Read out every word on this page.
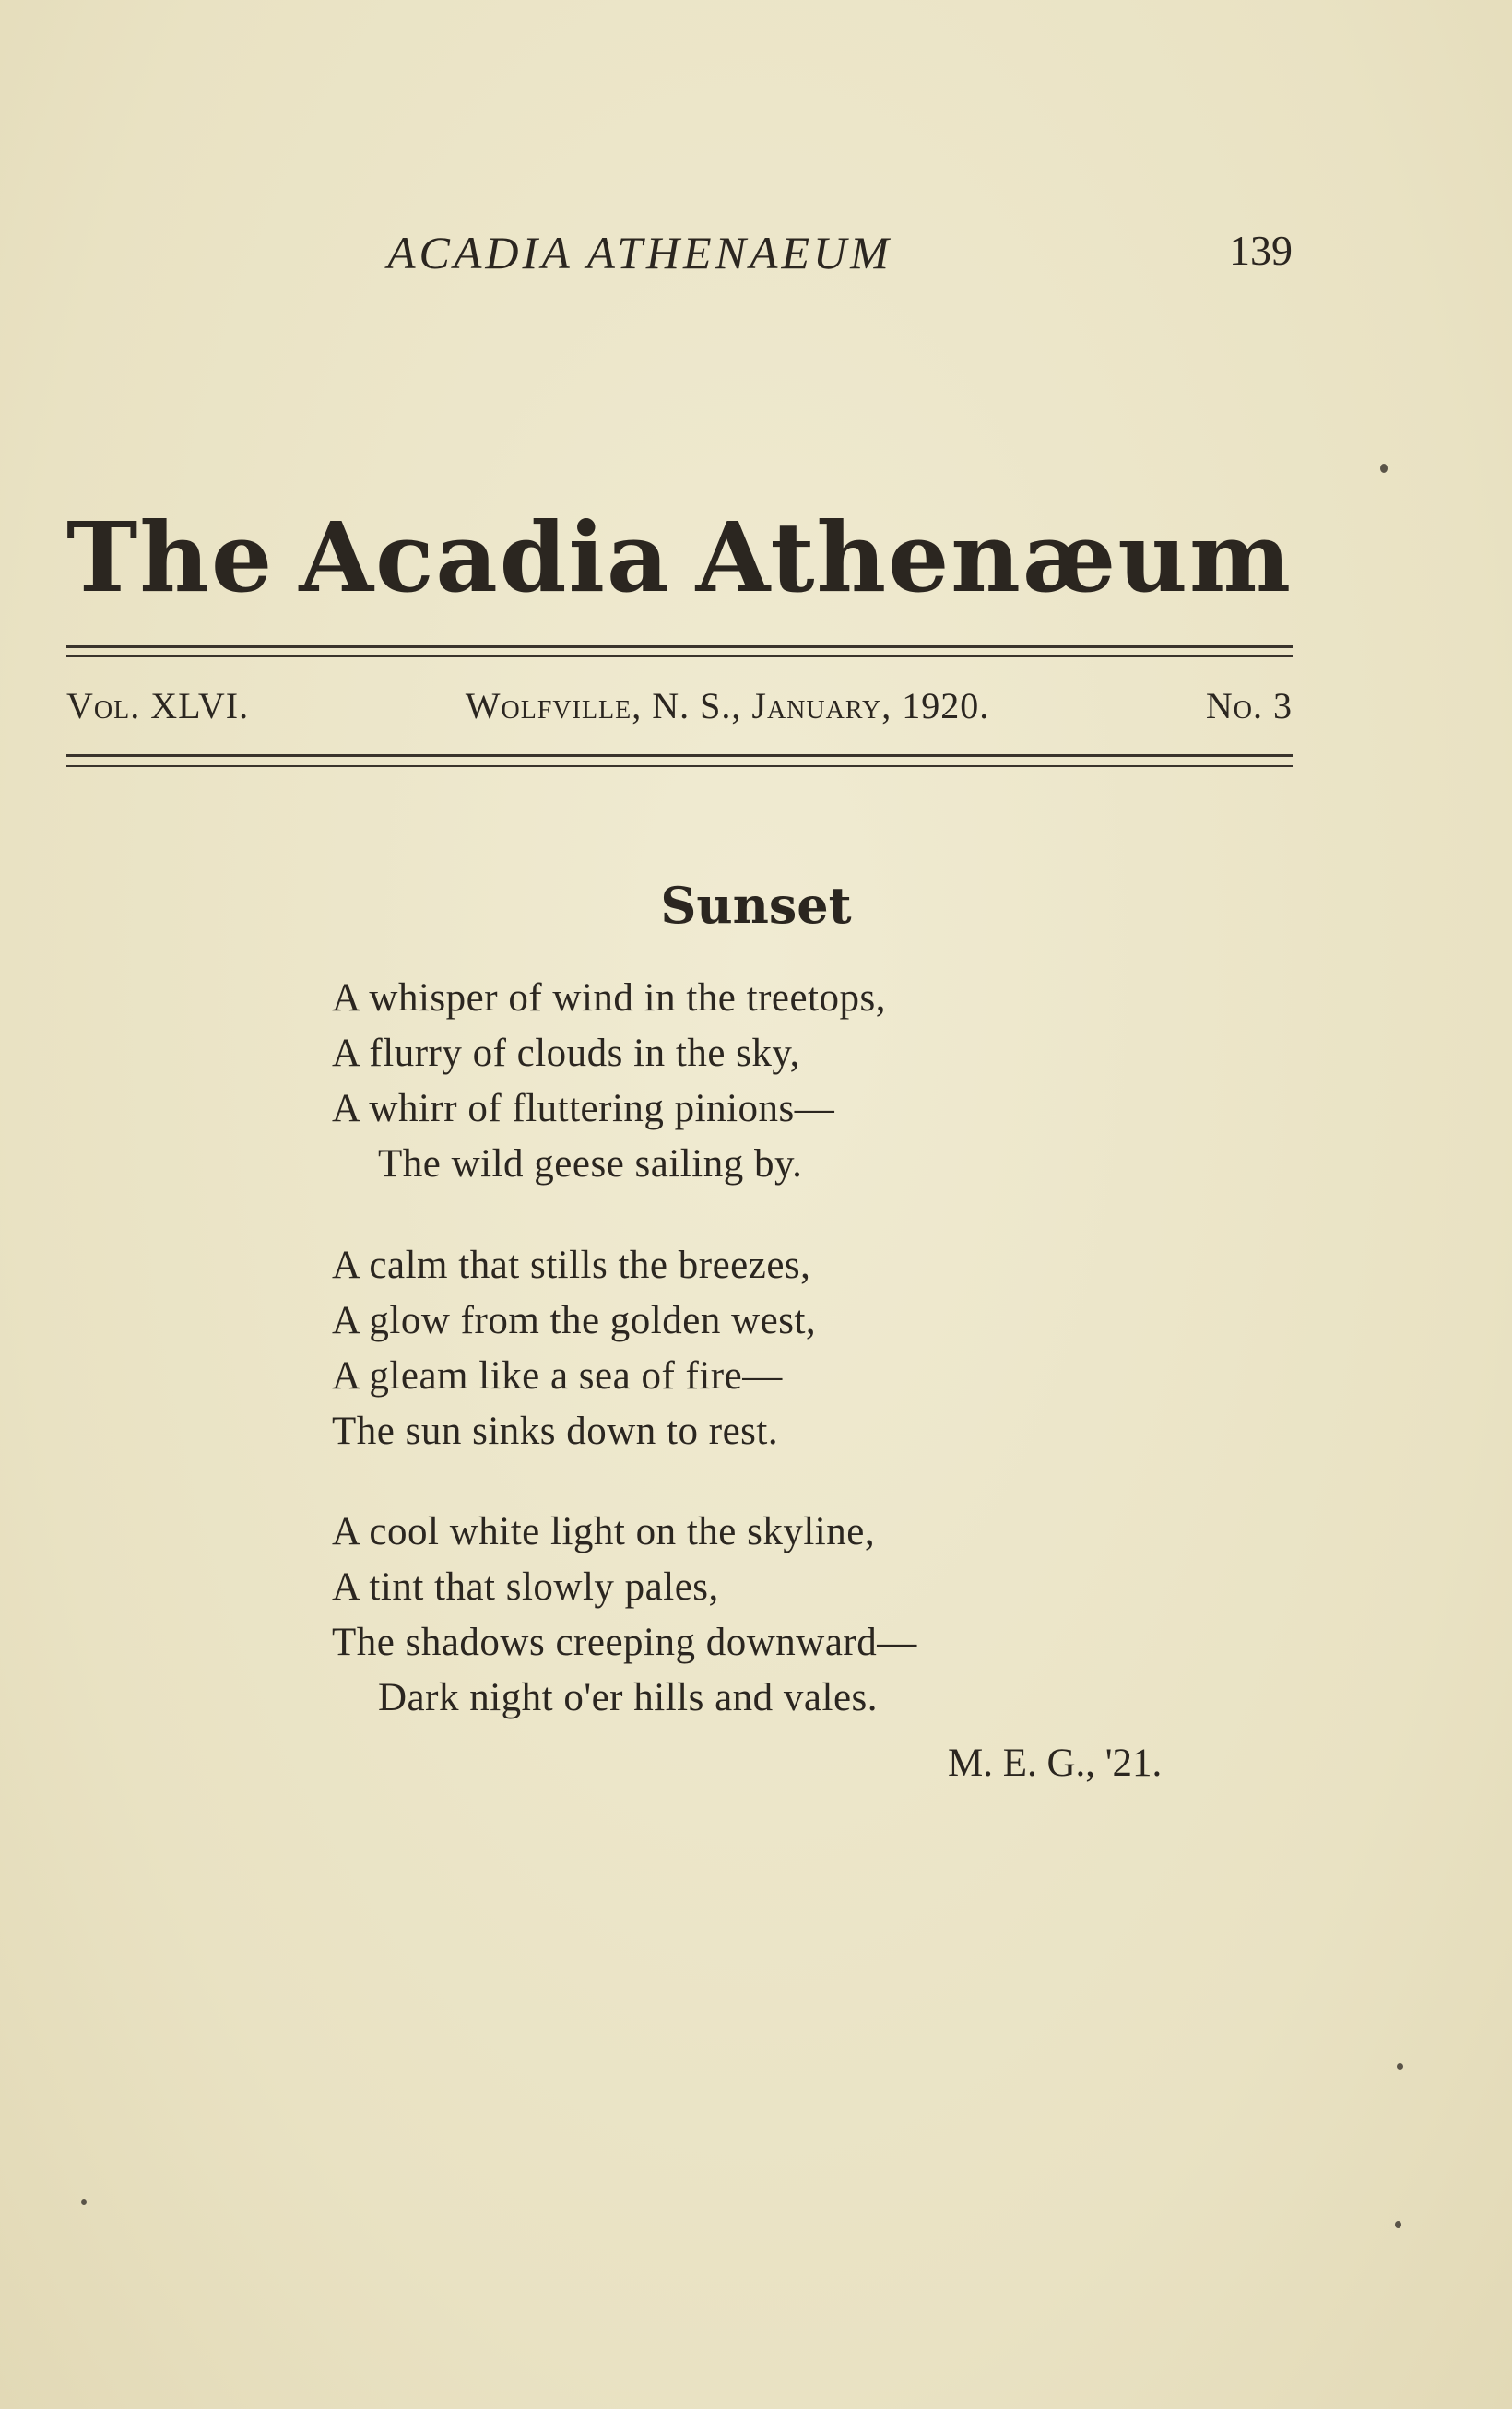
ACADIA ATHENAEUM	139
The Acadia Athenæum
Vol. XLVI.	Wolfville, N. S., January, 1920.	No. 3
Sunset
A whisper of wind in the treetops,
A flurry of clouds in the sky,
A whirr of fluttering pinions—
The wild geese sailing by.
A calm that stills the breezes,
A glow from the golden west,
A gleam like a sea of fire—
The sun sinks down to rest.
A cool white light on the skyline,
A tint that slowly pales,
The shadows creeping downward—
Dark night o'er hills and vales.
M. E. G., '21.
